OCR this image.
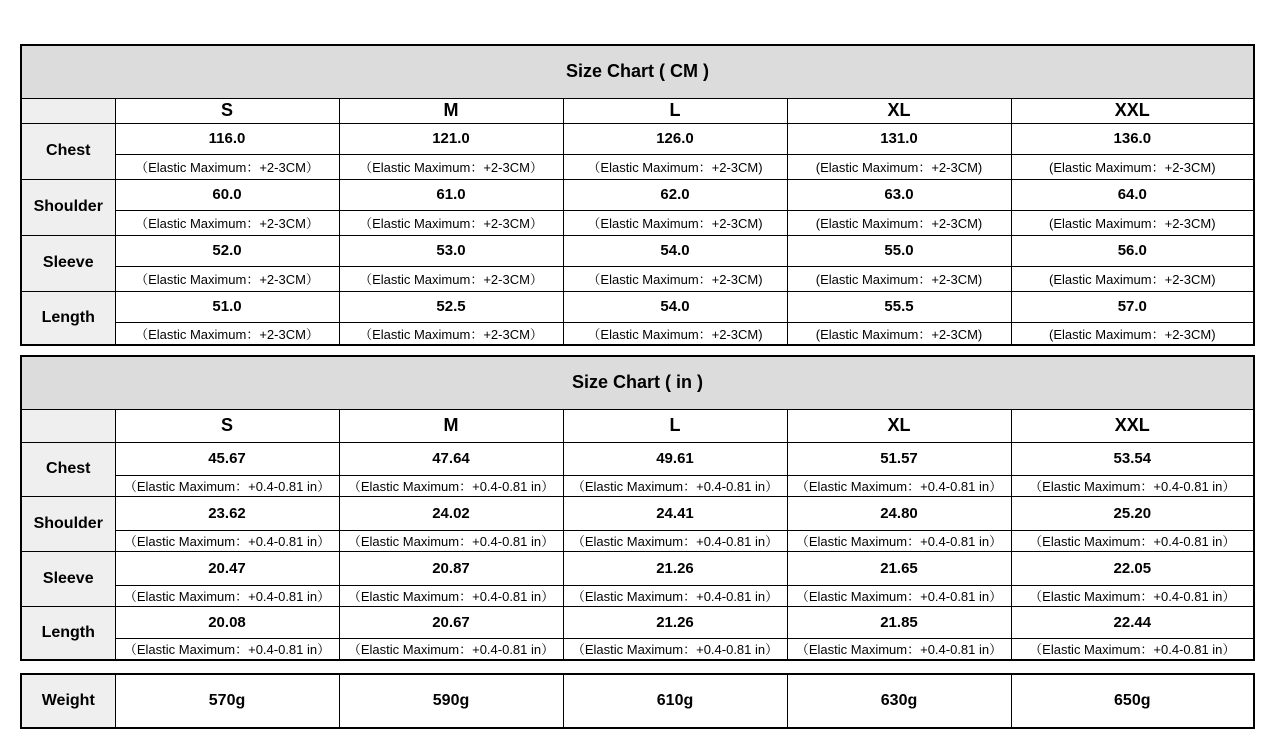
Size Chart ( CM )					
	S	M	L	XL	XXL
Chest	116.0	121.0	126.0	131.0	136.0
	（Elastic Maximum：+2-3CM）	（Elastic Maximum：+2-3CM）	（Elastic Maximum：+2-3CM)	(Elastic Maximum：+2-3CM)	(Elastic Maximum：+2-3CM)
Shoulder	60.0	61.0	62.0	63.0	64.0
	（Elastic Maximum：+2-3CM）	（Elastic Maximum：+2-3CM）	（Elastic Maximum：+2-3CM)	(Elastic Maximum：+2-3CM)	(Elastic Maximum：+2-3CM)
Sleeve	52.0	53.0	54.0	55.0	56.0
	（Elastic Maximum：+2-3CM）	（Elastic Maximum：+2-3CM）	（Elastic Maximum：+2-3CM)	(Elastic Maximum：+2-3CM)	(Elastic Maximum：+2-3CM)
Length	51.0	52.5	54.0	55.5	57.0
	（Elastic Maximum：+2-3CM）	（Elastic Maximum：+2-3CM）	（Elastic Maximum：+2-3CM)	(Elastic Maximum：+2-3CM)	(Elastic Maximum：+2-3CM)
Size Chart ( in )					
	S	M	L	XL	XXL
Chest	45.67	47.64	49.61	51.57	53.54
	（Elastic Maximum：+0.4-0.81 in）	（Elastic Maximum：+0.4-0.81 in）	（Elastic Maximum：+0.4-0.81 in）	（Elastic Maximum：+0.4-0.81 in）	（Elastic Maximum：+0.4-0.81 in）
Shoulder	23.62	24.02	24.41	24.80	25.20
	（Elastic Maximum：+0.4-0.81 in）	（Elastic Maximum：+0.4-0.81 in）	（Elastic Maximum：+0.4-0.81 in）	（Elastic Maximum：+0.4-0.81 in）	（Elastic Maximum：+0.4-0.81 in）
Sleeve	20.47	20.87	21.26	21.65	22.05
	（Elastic Maximum：+0.4-0.81 in）	（Elastic Maximum：+0.4-0.81 in）	（Elastic Maximum：+0.4-0.81 in）	（Elastic Maximum：+0.4-0.81 in）	（Elastic Maximum：+0.4-0.81 in）
Length	20.08	20.67	21.26	21.85	22.44
	（Elastic Maximum：+0.4-0.81 in）	（Elastic Maximum：+0.4-0.81 in）	（Elastic Maximum：+0.4-0.81 in）	（Elastic Maximum：+0.4-0.81 in）	（Elastic Maximum：+0.4-0.81 in）
Weight	570g	590g	610g	630g	650g
